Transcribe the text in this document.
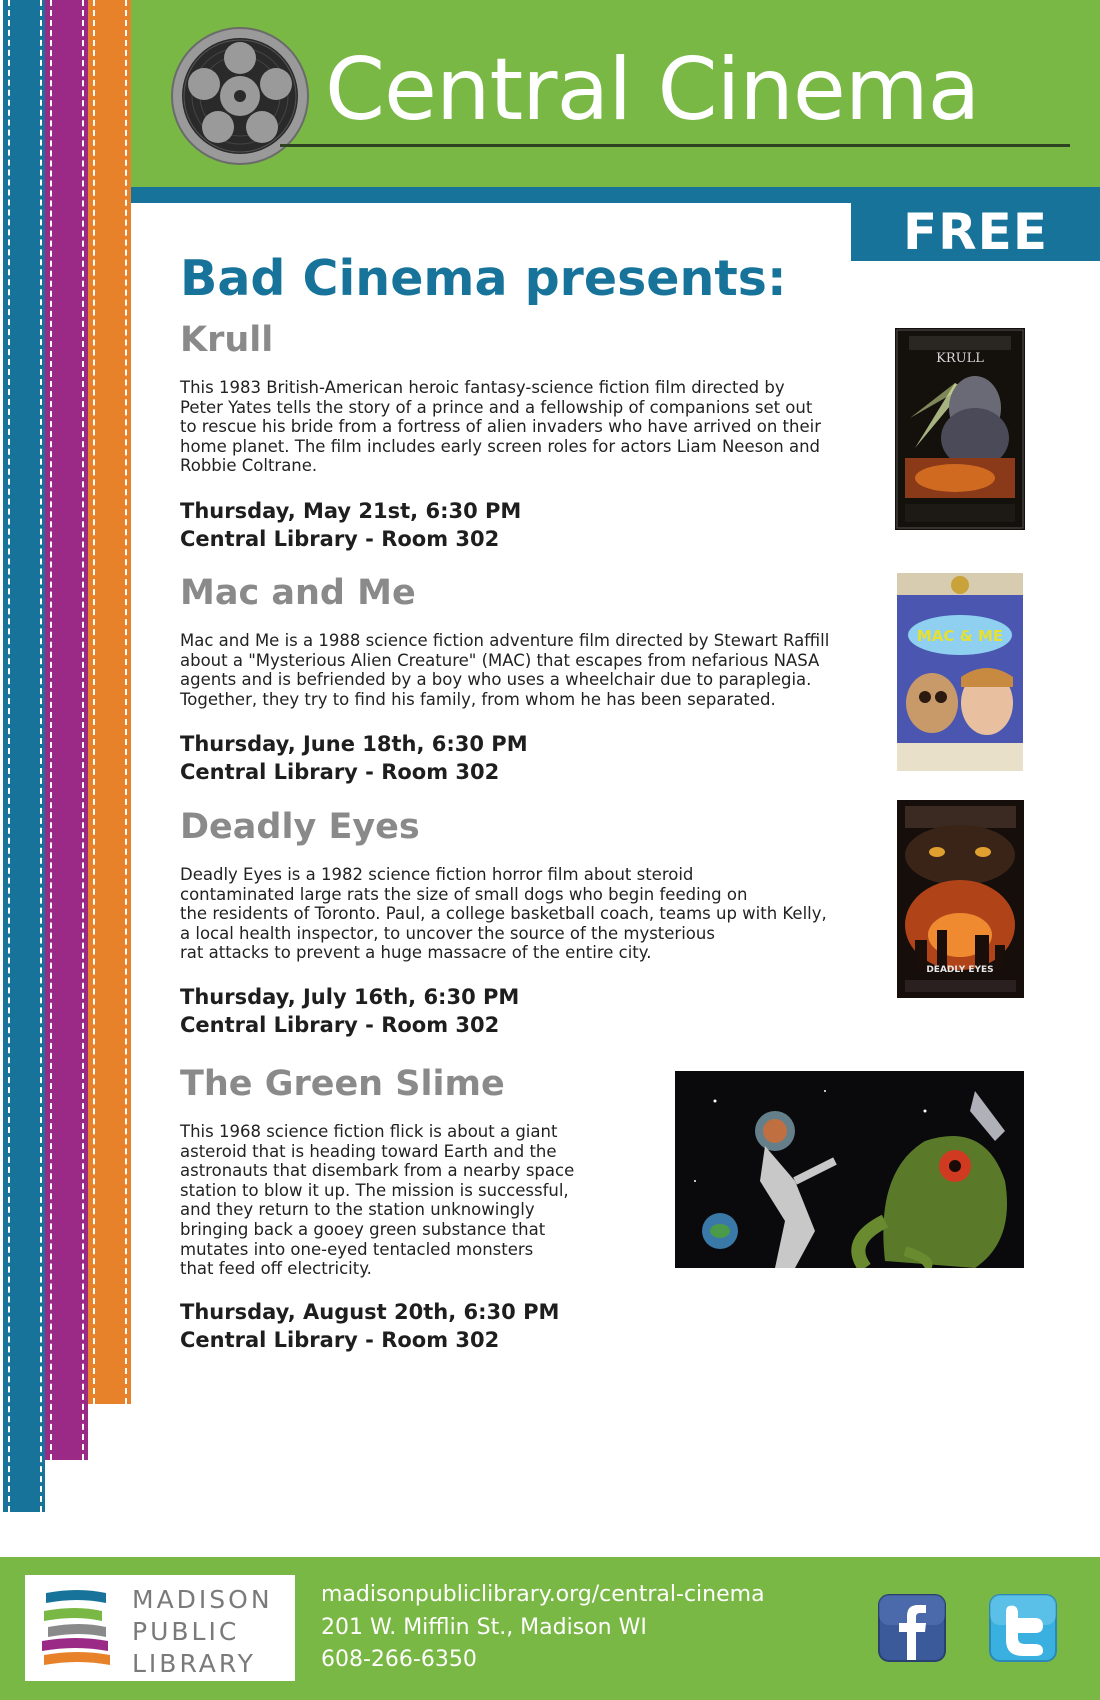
Central Cinema
FREE
Bad Cinema presents:
Krull
This 1983 British-American heroic fantasy-science fiction film directed by
Peter Yates tells the story of a prince and a fellowship of companions set out
to rescue his bride from a fortress of alien invaders who have arrived on their
home planet. The film includes early screen roles for actors Liam Neeson and
Robbie Coltrane.
Thursday, May 21st, 6:30 PM
Central Library - Room 302
KRULL
Mac and Me
Mac and Me is a 1988 science fiction adventure film directed by Stewart Raffill
about a "Mysterious Alien Creature" (MAC) that escapes from nefarious NASA
agents and is befriended by a boy who uses a wheelchair due to paraplegia.
Together, they try to find his family, from whom he has been separated.
Thursday, June 18th, 6:30 PM
Central Library - Room 302
MAC & ME
Deadly Eyes
Deadly Eyes is a 1982 science fiction horror film about steroid
contaminated large rats the size of small dogs who begin feeding on
the residents of Toronto. Paul, a college basketball coach, teams up with Kelly,
a local health inspector, to uncover the source of the mysterious
rat attacks to prevent a huge massacre of the entire city.
Thursday, July 16th, 6:30 PM
Central Library - Room 302
DEADLY EYES
The Green Slime
This 1968 science fiction flick is about a giant
asteroid that is heading toward Earth and the
astronauts that disembark from a nearby space
station to blow it up. The mission is successful,
and they return to the station unknowingly
bringing back a gooey green substance that
mutates into one-eyed tentacled monsters
that feed off electricity.
Thursday, August 20th, 6:30 PM
Central Library - Room 302
MADISON
PUBLIC
LIBRARY
madisonpubliclibrary.org/central-cinema
201 W. Mifflin St., Madison WI
608-266-6350
